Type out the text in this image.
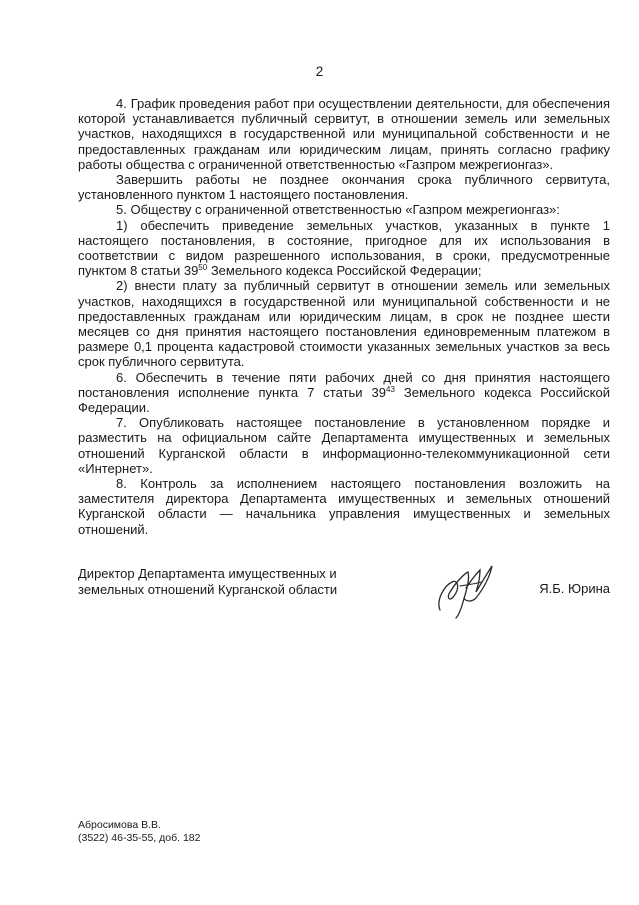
2

4. График проведения работ при осуществлении деятельности, для обеспечения которой устанавливается публичный сервитут, в отношении земель или земельных участков, находящихся в государственной или муниципальной собственности и не предоставленных гражданам или юридическим лицам, принять согласно графику работы общества с ограниченной ответственностью «Газпром межрегионгаз».

Завершить работы не позднее окончания срока публичного сервитута, установленного пунктом 1 настоящего постановления.

5. Обществу с ограниченной ответственностью «Газпром межрегионгаз»:

1) обеспечить приведение земельных участков, указанных в пункте 1 настоящего постановления, в состояние, пригодное для их использования в соответствии с видом разрешенного использования, в сроки, предусмотренные пунктом 8 статьи $39^{50}$ Земельного кодекса Российской Федерации;

2) внести плату за публичный сервитут в отношении земель или земельных участков, находящихся в государственной или муниципальной собственности и не предоставленных гражданам или юридическим лицам, в срок не позднее шести месяцев со дня принятия настоящего постановления единовременным платежом в размере 0,1 процента кадастровой стоимости указанных земельных участков за весь срок публичного сервитута.

6. Обеспечить в течение пяти рабочих дней со дня принятия настоящего постановления исполнение пункта 7 статьи $39^{43}$ Земельного кодекса Российской Федерации.

7. Опубликовать настоящее постановление в установленном порядке и разместить на официальном сайте Департамента имущественных и земельных отношений Курганской области в информационно-телекоммуникационной сети «Интернет».

8. Контроль за исполнением настоящего постановления возложить на заместителя директора Департамента имущественных и земельных отношений Курганской области — начальника управления имущественных и земельных отношений.

Директор Департамента имущественных и
земельных отношений Курганской области	Я.Б. Юрина
Абросимова В.В.
(3522) 46-35-55, доб. 182
